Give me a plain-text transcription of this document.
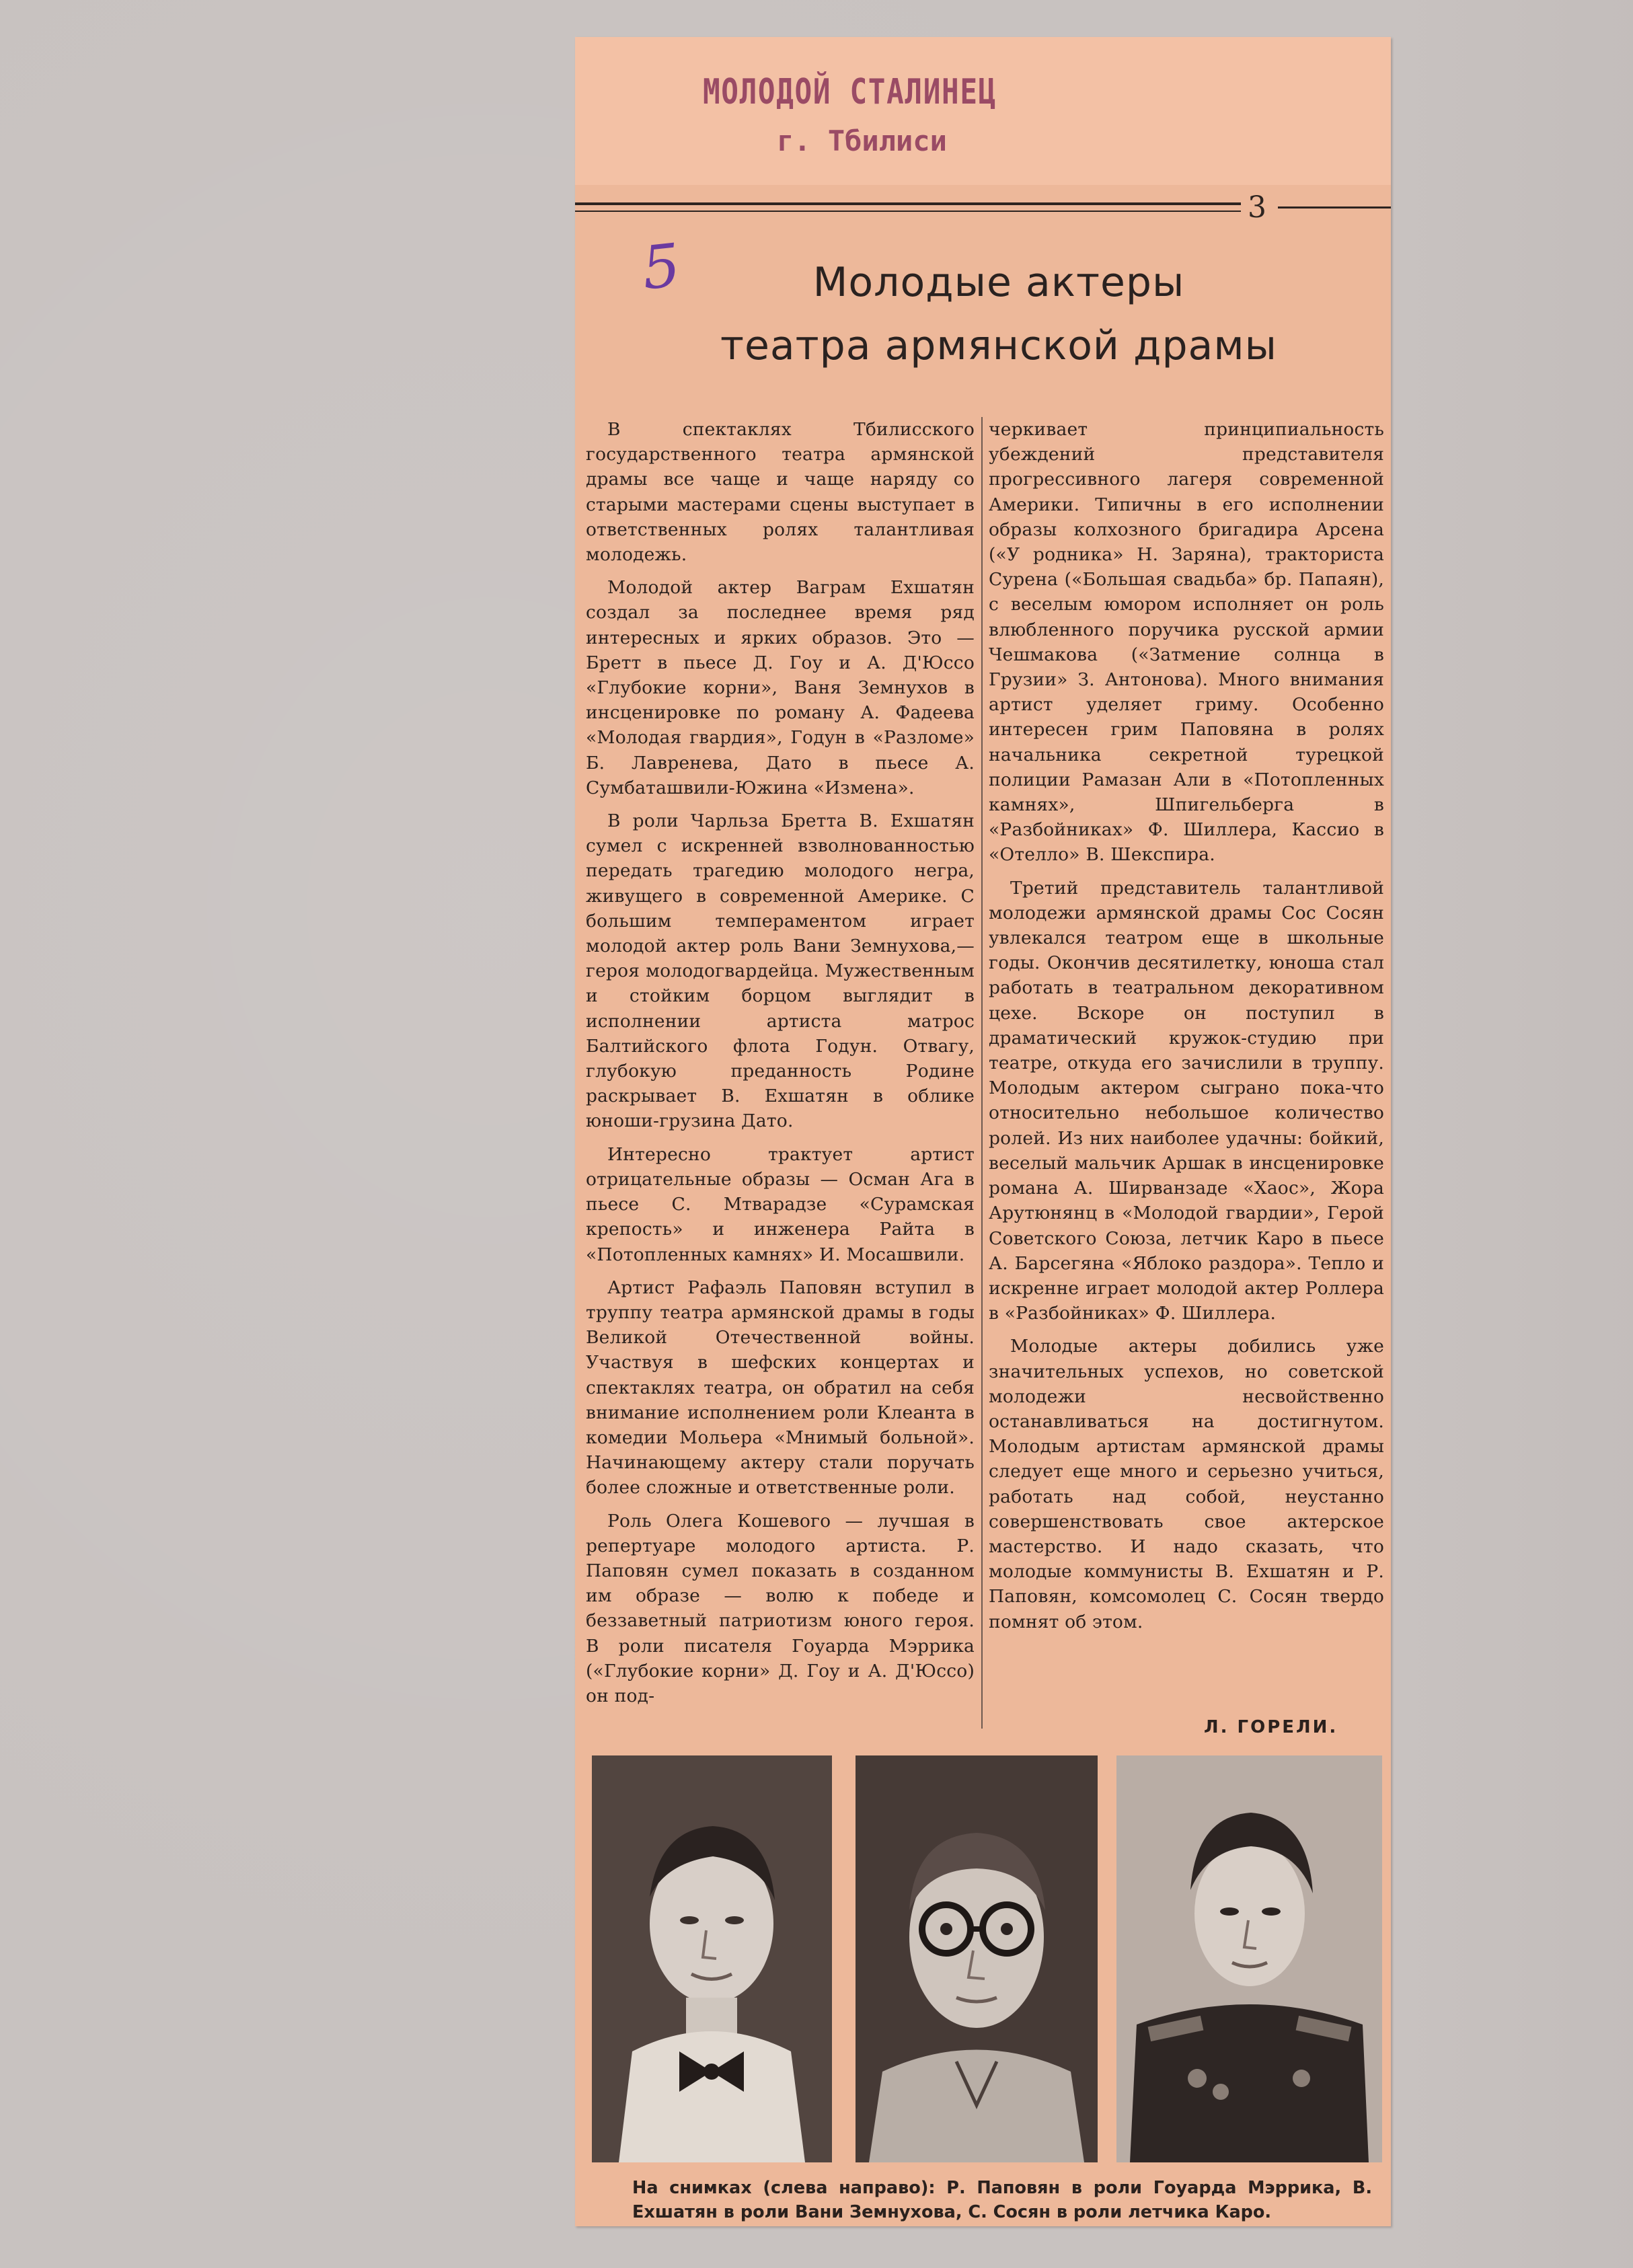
МОЛОДОЙ СТАЛИНЕЦ
г. Тбилиси
3
5	Молодые актеры
театра армянской драмы

В спектаклях Тбилисского государственного театра армянской драмы все чаще и чаще наряду со старыми мастерами сцены выступает в ответственных ролях талантливая молодежь.

Молодой актер Ваграм Ехшатян создал за последнее время ряд интересных и ярких образов. Это — Бретт в пьесе Д. Гоу и А. Д'Юссо «Глубокие корни», Ваня Земнухов в инсценировке по роману А. Фадеева «Молодая гвардия», Годун в «Разломе» Б. Лавренева, Дато в пьесе А. Сумбаташвили-Южина «Измена».

В роли Чарльза Бретта В. Ехшатян сумел с искренней взволнованностью передать трагедию молодого негра, живущего в современной Америке. С большим темпераментом играет молодой актер роль Вани Земнухова,—героя молодогвардейца. Мужественным и стойким борцом выглядит в исполнении артиста матрос Балтийского флота Годун. Отвагу, глубокую преданность Родине раскрывает В. Ехшатян в облике юноши-грузина Дато.

Интересно трактует артист отрицательные образы — Осман Ага в пьесе С. Мтварадзе «Сурамская крепость» и инженера Райта в «Потопленных камнях» И. Мосашвили.

Артист Рафаэль Паповян вступил в труппу театра армянской драмы в годы Великой Отечественной войны. Участвуя в шефских концертах и спектаклях театра, он обратил на себя внимание исполнением роли Клеанта в комедии Мольера «Мнимый больной». Начинающему актеру стали поручать более сложные и ответственные роли.

Роль Олега Кошевого — лучшая в репертуаре молодого артиста. Р. Паповян сумел показать в созданном им образе — волю к победе и беззаветный патриотизм юного героя. В роли писателя Гоуарда Мэррика («Глубокие корни» Д. Гоу и А. Д'Юссо) он под-

черкивает принципиальность убеждений представителя прогрессивного лагеря современной Америки. Типичны в его исполнении образы колхозного бригадира Арсена («У родника» Н. Заряна), тракториста Сурена («Большая свадьба» бр. Папаян), с веселым юмором исполняет он роль влюбленного поручика русской армии Чешмакова («Затмение солнца в Грузии» З. Антонова). Много внимания артист уделяет гриму. Особенно интересен грим Паповяна в ролях начальника секретной турецкой полиции Рамазан Али в «Потопленных камнях», Шпигельберга в «Разбойниках» Ф. Шиллера, Кассио в «Отелло» В. Шекспира.

Третий представитель талантливой молодежи армянской драмы Сос Сосян увлекался театром еще в школьные годы. Окончив десятилетку, юноша стал работать в театральном декоративном цехе. Вскоре он поступил в драматический кружок-студию при театре, откуда его зачислили в труппу. Молодым актером сыграно пока-что относительно небольшое количество ролей. Из них наиболее удачны: бойкий, веселый мальчик Аршак в инсценировке романа А. Ширванзаде «Хаос», Жора Арутюнянц в «Молодой гвардии», Герой Советского Союза, летчик Каро в пьесе А. Барсегяна «Яблоко раздора». Тепло и искренне играет молодой актер Роллера в «Разбойниках» Ф. Шиллера.

Молодые актеры добились уже значительных успехов, но советской молодежи несвойственно останавливаться на достигнутом. Молодым артистам армянской драмы следует еще много и серьезно учиться, работать над собой, неустанно совершенствовать свое актерское мастерство. И надо сказать, что молодые коммунисты В. Ехшатян и Р. Паповян, комсомолец С. Сосян твердо помнят об этом.

Л. ГОРЕЛИ.
На снимках (слева направо): Р. Паповян в роли Гоуарда Мэррика, В. Ехшатян в роли Вани Земнухова, С. Сосян в роли летчика Каро.
